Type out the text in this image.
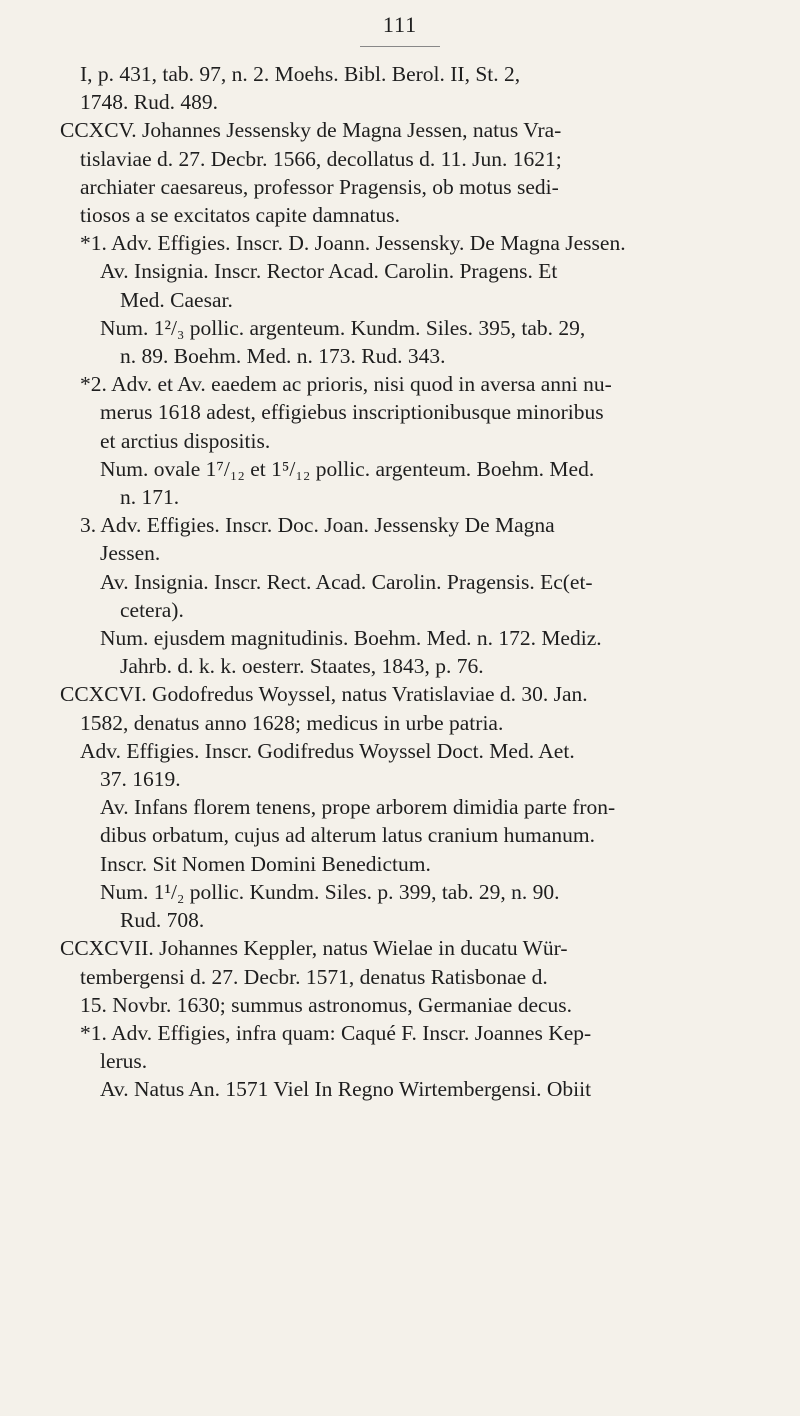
111
I, p. 431, tab. 97, n. 2. Moehs. Bibl. Berol. II, St. 2,
1748. Rud. 489.
CCXCV. Johannes Jessensky de Magna Jessen, natus Vra-
tislaviae d. 27. Decbr. 1566, decollatus d. 11. Jun. 1621;
archiater caesareus, professor Pragensis, ob motus sedi-
tiosos a se excitatos capite damnatus.
*1. Adv. Effigies. Inscr. D. Joann. Jessensky. De Magna Jessen.
Av. Insignia. Inscr. Rector Acad. Carolin. Pragens. Et
Med. Caesar.
Num. 1²/₃ pollic. argenteum. Kundm. Siles. 395, tab. 29,
n. 89. Boehm. Med. n. 173. Rud. 343.
*2. Adv. et Av. eaedem ac prioris, nisi quod in aversa anni nu-
merus 1618 adest, effigiebus inscriptionibusque minoribus
et arctius dispositis.
Num. ovale 1⁷/₁₂ et 1⁵/₁₂ pollic. argenteum. Boehm. Med.
n. 171.
3. Adv. Effigies. Inscr. Doc. Joan. Jessensky De Magna
Jessen.
Av. Insignia. Inscr. Rect. Acad. Carolin. Pragensis. Ec(et-
cetera).
Num. ejusdem magnitudinis. Boehm. Med. n. 172. Mediz.
Jahrb. d. k. k. oesterr. Staates, 1843, p. 76.
CCXCVI. Godofredus Woyssel, natus Vratislaviae d. 30. Jan.
1582, denatus anno 1628; medicus in urbe patria.
Adv. Effigies. Inscr. Godifredus Woyssel Doct. Med. Aet.
37. 1619.
Av. Infans florem tenens, prope arborem dimidia parte fron-
dibus orbatum, cujus ad alterum latus cranium humanum.
Inscr. Sit Nomen Domini Benedictum.
Num. 1¹/₂ pollic. Kundm. Siles. p. 399, tab. 29, n. 90.
Rud. 708.
CCXCVII. Johannes Keppler, natus Wielae in ducatu Wür-
tembergensi d. 27. Decbr. 1571, denatus Ratisbonae d.
15. Novbr. 1630; summus astronomus, Germaniae decus.
*1. Adv. Effigies, infra quam: Caqué F. Inscr. Joannes Kep-
lerus.
Av. Natus An. 1571 Viel In Regno Wirtembergensi. Obiit
